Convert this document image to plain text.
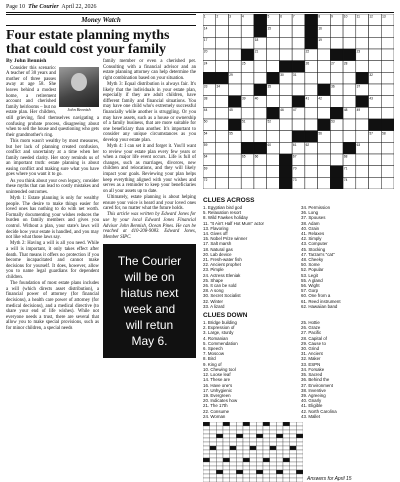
Page 10 The Courier April 22, 2026
Money Watch
Four estate planning myths that could cost your family
By John Bennish
John Bennish

Consider this scenario: A teacher of 30 years and mother of three passes away at age 58. She leaves behind a modest home, a retirement account and cherished family heirlooms – but no estate plan. Her children, still grieving, find themselves navigating a confusing probate process, disagreeing about when to sell the house and questioning who gets their grandmother's ring.

This mom wasn't wealthy by most measures, but her lack of planning created confusion, conflict and uncertainty at a time when her family needed clarity. Her story reminds us of an important truth: estate planning is about easing conflict and making sure what you have goes where you want it to go.

As you think about your own legacy, consider these myths that can lead to costly mistakes and unintended outcomes.

Myth 1: Estate planning is only for wealthy people. The desire to make things easier for loved ones has nothing to do with net worth. Formally documenting your wishes reduces the burden on family members and gives you control. Without a plan, your state's laws will decide how your estate is handled, and you may not like what those laws say.

Myth 2: Having a will is all you need. While a will is important, it only takes effect after death. That means it offers no protection if you become incapacitated and cannot make decisions for yourself. It does, however, allow you to name legal guardians for dependent children.

The foundation of most estate plans includes a will (which directs asset distribution), a financial power of attorney (for financial decisions), a health care power of attorney (for medical decisions), and a medical directive (to share your end of life wishes). While not everyone needs a trust, there are several that allow you to make special provisions, such as for minor children, a special needs

family member or even a cherished pet. Consulting with a financial advisor and an estate planning attorney can help determine the right combination based on your situation.

Myth 3: Equal distribution is always fair. It's likely that the individuals in your estate plan, especially if they are adult children, have different family and financial situations. You may have one child who's extremely successful financially while another is struggling. Or you may have assets, such as a house or ownership of a family business, that are more suitable for one beneficiary than another. It's important to consider any unique circumstances as you develop your estate plan.

Myth 4: I can set it and forget it. You'll want to review your estate plan every few years or when a major life event occurs. Life is full of changes, such as marriages, divorces, new children and relocations, and they will likely impact your goals. Reviewing your plan helps keep everything aligned with your wishes and serves as a reminder to keep your beneficiaries on all your assets up to date.

Ultimately, estate planning is about helping ensure your voice is heard and your loved ones cared for, no matter what the future holds.

This article was written by Edward Jones for use by your local Edward Jones Financial Advisor John Bennish, Ocean Pines. He can be reached at 410-208-9083. Edward Jones, Member SIPC.

The Courier
will be on
hiatus next
week and
will retun
May 6.
1	2	3	4	5	6	7	8	9	10	11	12	13
14	15	16
17	18	19
20	21	22	23
24	25	26	27	28
29	30	31	32
33	34	35	36	37
38	39	40	41	42	43
44	45	46	47	48	49
50	51	52	53
54	55	56	57	58
59	60	61	62	63
64	65	66	67	68
69	70	71
72	73	74
CLUES ACROSS
1. Egyptian bird god
5. Relaxation resort
8. Wild Fawkes holiday
11. "It Ain't Half Hot Mum" actor
13. Flavoring
14. Gives off
15. Nobel Prize winner
17. Salt marsh
18. Natural gas
20. Lab device
21. Fresh-water fish
22. Ancient prophet
23. Pimple
24. Actress Eleniak
25. Shape
26. It can be sold
28. A song
30. Secret Socialist
32. Winter
33. A lizard
34. Permission
36. Long
37. Spouses
38. Adam
40. Grain
41. Relaxes
42. Simply
43. Computer
45. Stocking
47. Tarzan's "cat"
48. Cheeky
50. Some
52. Popular
53. Legit
55. A gland
56. Wight
57. Gorp
60. One from a
61. Reed instrument
62. Hawaiian band
CLUES DOWN
1. Bridge building
2. Expression of
3. Large, sturdy
4. Romanian
5. Commendation
6. Speech
7. Moscow
8. Bird
9. King of
10. Chewing tool
12. Loose leaf
14. These are
16. Have one's
17. Unhygienic
19. Evergreen
20. Indicates how
21. The 17th
22. Consume
24. Woman
25. Hottie
26. Graze
27. Pacific
28. Capital of
29. Cause to
30. Grind
31. Ancient
32. Maker
33. ESPN
34. Forsake
35. Sacred
36. Behind the
37. Environment
38. Inventive
39. Agreeing
40. Gnarly
41. Eligible
42. North Carolina
43. Mallet
Answers for April 15
